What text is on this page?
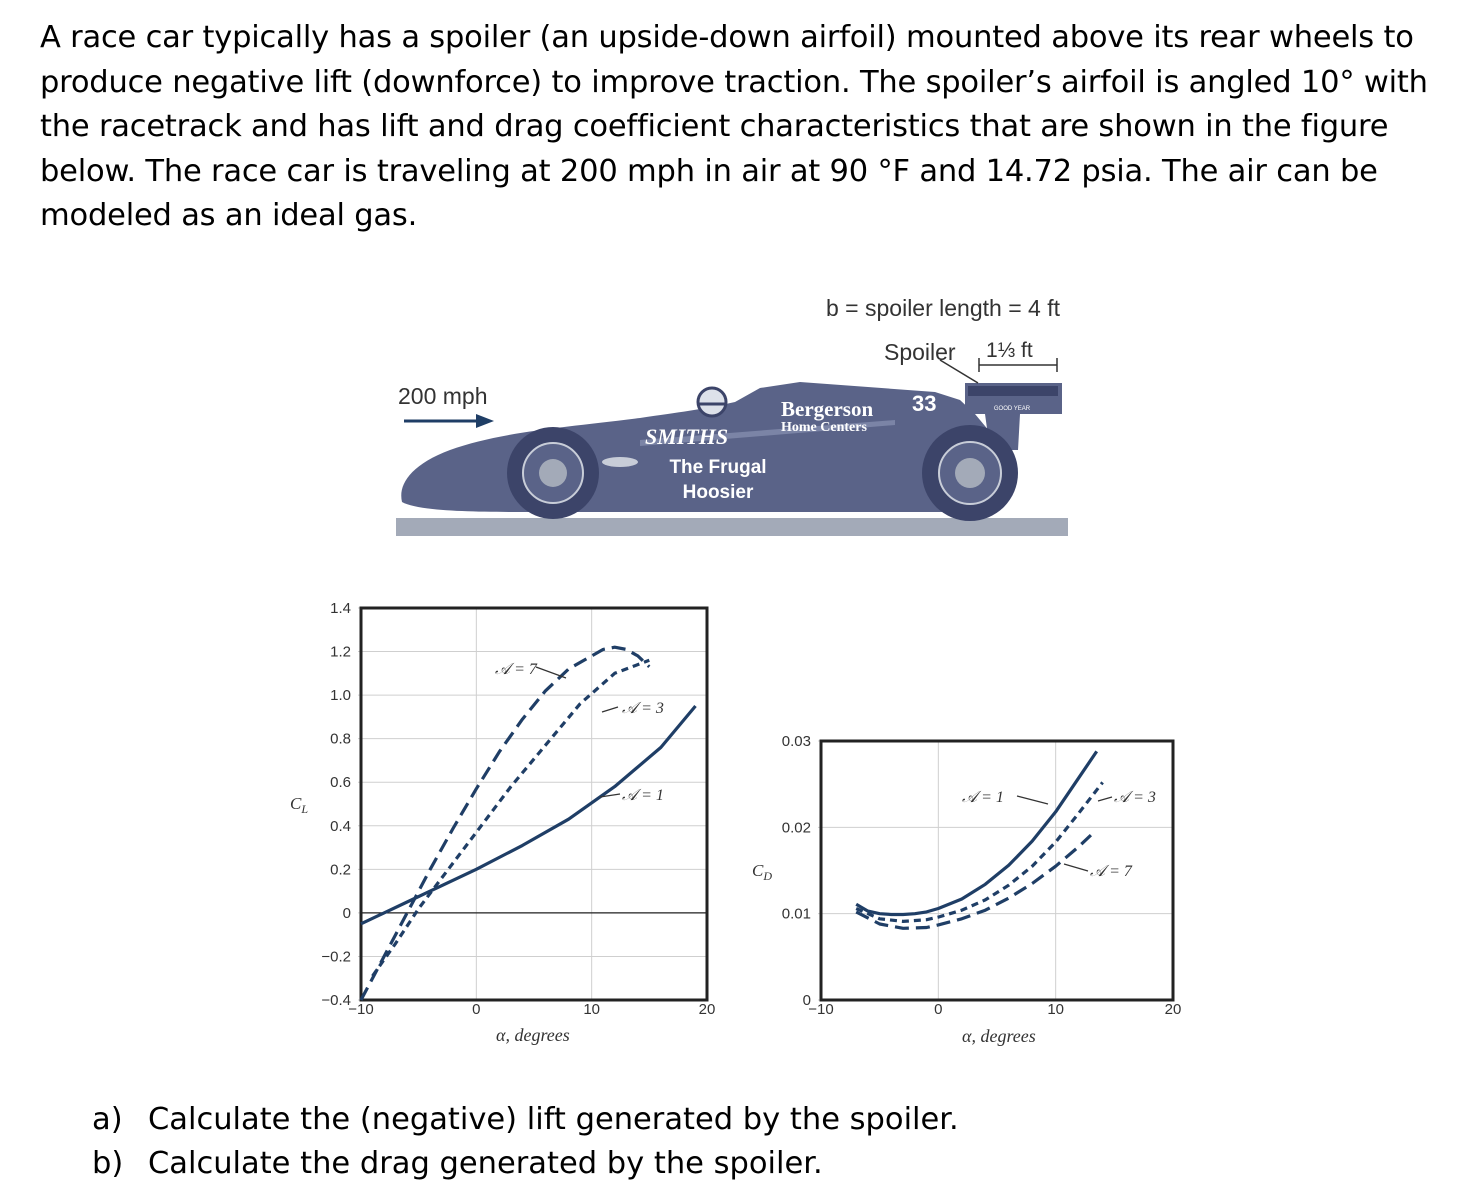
A race car typically has a spoiler (an upside-down airfoil) mounted above its rear wheels to produce negative lift (downforce) to improve traction. The spoiler’s airfoil is angled 10° with the racetrack and has lift and drag coefficient characteristics that are shown in the figure below. The race car is traveling at 200 mph in air at 90 °F and 14.72 psia. The air can be modeled as an ideal gas.
SMITHS
The Frugal
Hoosier
Bergerson
Home Centers
33	GOOD YEAR
200 mph
b = spoiler length = 4 ft
Spoiler 1⅓ ft
1.4
1.2
1.0
0.8
0.6
0.4
0.2
0
−0.2
−0.4
−10	0	10	20
α, degrees
$C_L$
𝒜 = 7
𝒜 = 3
𝒜 = 1
0.03
0.02
0.01
0
−10	0	10	20
α, degrees
$C_D$
𝒜 = 1	𝒜 = 3
𝒜 = 7
a) Calculate the (negative) lift generated by the spoiler.
b) Calculate the drag generated by the spoiler.
